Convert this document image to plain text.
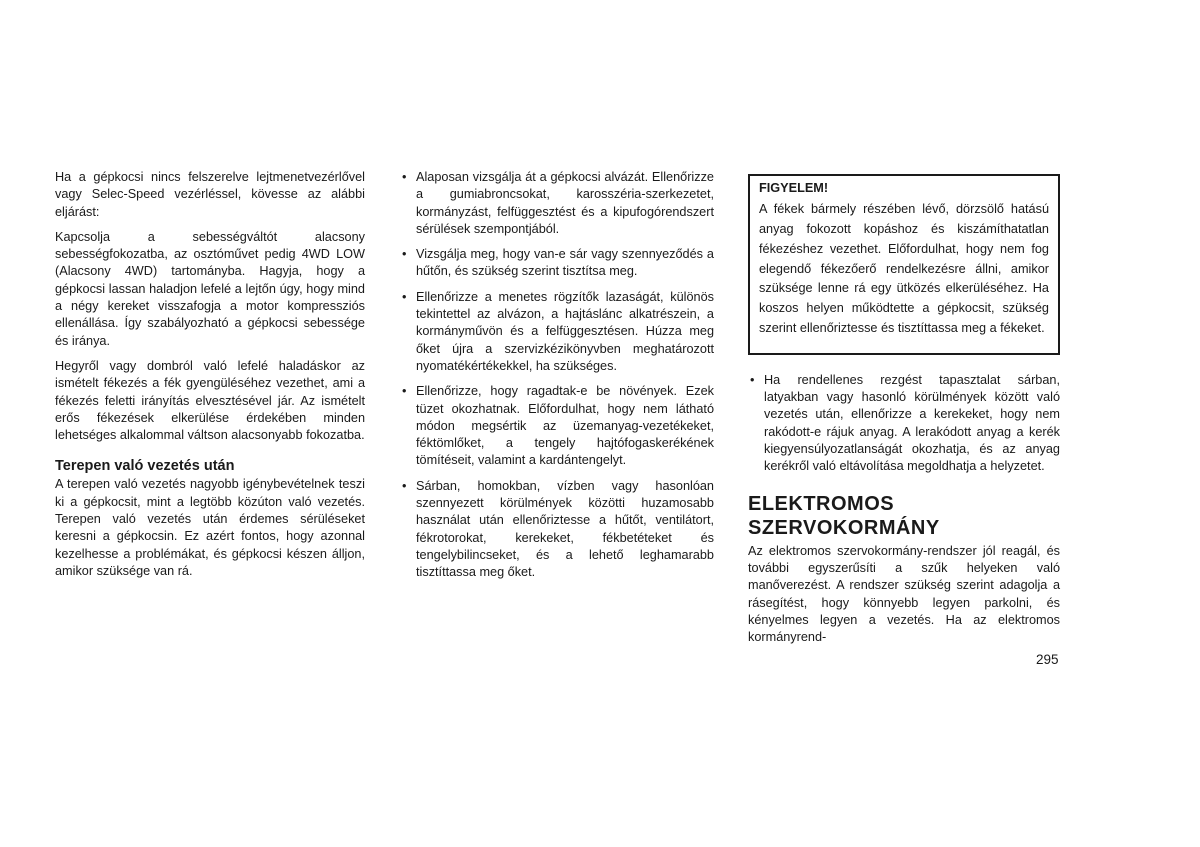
Ha a gépkocsi nincs felszerelve lejtmenetvezérlővel vagy Selec-Speed vezérléssel, kövesse az alábbi eljárást:

Kapcsolja a sebességváltót alacsony sebességfokozatba, az osztóművet pedig 4WD LOW (Alacsony 4WD) tartományba. Hagyja, hogy a gépkocsi lassan haladjon lefelé a lejtőn úgy, hogy mind a négy kereket visszafogja a motor kompressziós ellenállása. Így szabályozható a gépkocsi sebessége és iránya.

Hegyről vagy dombról való lefelé haladáskor az ismételt fékezés a fék gyengüléséhez vezethet, ami a fékezés feletti irányítás elvesztésével jár. Az ismételt erős fékezések elkerülése érdekében minden lehetséges alkalommal váltson alacsonyabb fokozatba.

Terepen való vezetés után

A terepen való vezetés nagyobb igénybevételnek teszi ki a gépkocsit, mint a legtöbb közúton való vezetés. Terepen való vezetés után érdemes sérüléseket keresni a gépkocsin. Ez azért fontos, hogy azonnal kezelhesse a problémákat, és gépkocsi készen álljon, amikor szüksége van rá.

• Alaposan vizsgálja át a gépkocsi alvázát. Ellenőrizze a gumiabroncsokat, karosszéria-szerkezetet, kormányzást, felfüggesztést és a kipufogórendszert sérülések szempontjából.
• Vizsgálja meg, hogy van-e sár vagy szennyeződés a hűtőn, és szükség szerint tisztítsa meg.
• Ellenőrizze a menetes rögzítők lazaságát, különös tekintettel az alvázon, a hajtáslánc alkatrészein, a kormányművön és a felfüggesztésen. Húzza meg őket újra a szervizkézikönyvben meghatározott nyomatékértékekkel, ha szükséges.
• Ellenőrizze, hogy ragadtak-e be növények. Ezek tüzet okozhatnak. Előfordulhat, hogy nem látható módon megsértik az üzemanyag-vezetékeket, féktömlőket, a tengely hajtófogaskerékének tömítéseit, valamint a kardántengelyt.
• Sárban, homokban, vízben vagy hasonlóan szennyezett körülmények közötti huzamosabb használat után ellenőriztesse a hűtőt, ventilátort, fékrotorokat, kerekeket, fékbetéteket és tengelybilincseket, és a lehető leghamarabb tisztíttassa meg őket.
FIGYELEM!

A fékek bármely részében lévő, dörzsölő hatású anyag fokozott kopáshoz és kiszámíthatatlan fékezéshez vezethet. Előfordulhat, hogy nem fog elegendő fékezőerő rendelkezésre állni, amikor szüksége lenne rá egy ütközés elkerüléséhez. Ha koszos helyen működtette a gépkocsit, szükség szerint ellenőriztesse és tisztíttassa meg a fékeket.

• Ha rendellenes rezgést tapasztalat sárban, latyakban vagy hasonló körülmények között való vezetés után, ellenőrizze a kerekeket, hogy nem rakódott-e rájuk anyag. A lerakódott anyag a kerék kiegyensúlyozatlanságát okozhatja, és az anyag kerékről való eltávolítása megoldhatja a helyzetet.
ELEKTROMOS
SZERVOKORMÁNY

Az elektromos szervokormány-rendszer jól reagál, és további egyszerűsíti a szűk helyeken való manőverezést. A rendszer szükség szerint adagolja a rásegítést, hogy könnyebb legyen parkolni, és kényelmes legyen a vezetés. Ha az elektromos kormányrend-

295
